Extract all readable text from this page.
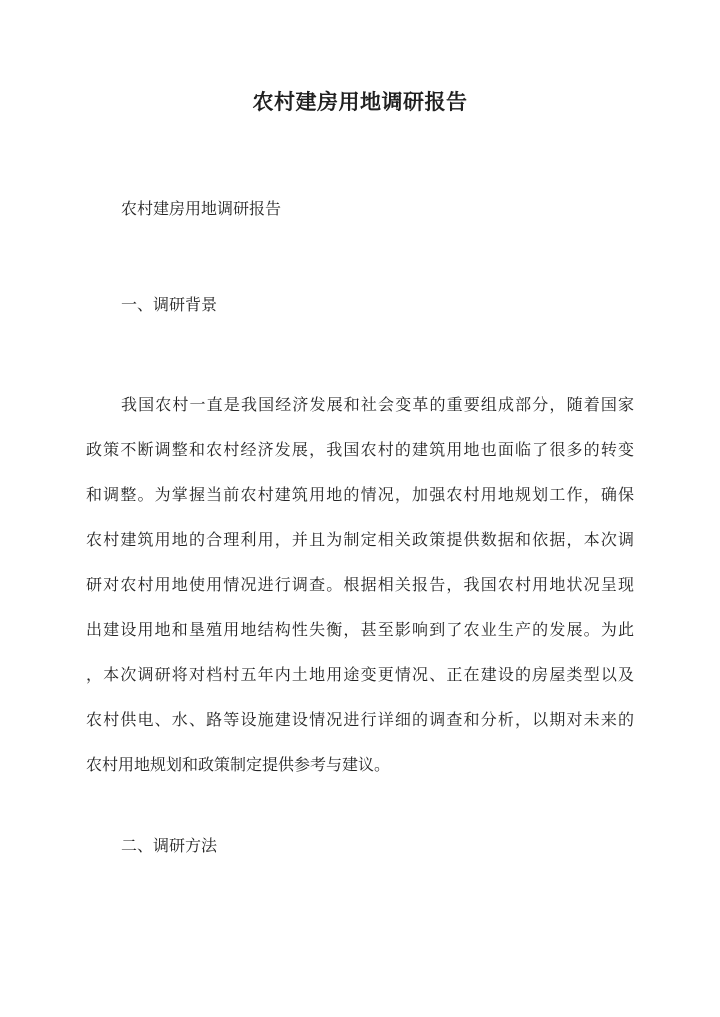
农村建房用地调研报告

农村建房用地调研报告

一、调研背景

我国农村一直是我国经济发展和社会变革的重要组成部分，随着国家
政策不断调整和农村经济发展，我国农村的建筑用地也面临了很多的转变
和调整。为掌握当前农村建筑用地的情况，加强农村用地规划工作，确保
农村建筑用地的合理利用，并且为制定相关政策提供数据和依据，本次调
研对农村用地使用情况进行调查。根据相关报告，我国农村用地状况呈现
出建设用地和垦殖用地结构性失衡，甚至影响到了农业生产的发展。为此
，本次调研将对档村五年内土地用途变更情况、正在建设的房屋类型以及
农村供电、水、路等设施建设情况进行详细的调查和分析，以期对未来的
农村用地规划和政策制定提供参考与建议。

二、调研方法
